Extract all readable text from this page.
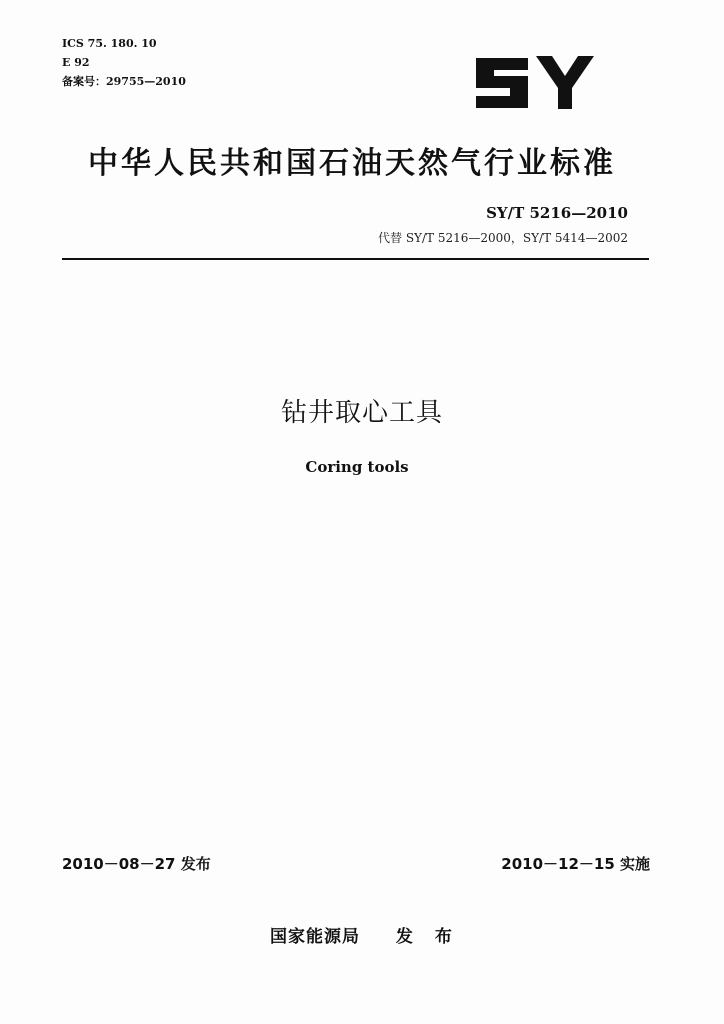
ICS 75. 180. 10
E 92
备案号：29755—2010
中华人民共和国石油天然气行业标准
SY/T 5216—2010
代替 SY/T 5216—2000，SY/T 5414—2002
钻井取心工具
Coring tools
2010－08－27 发布	2010－12－15 实施
国家能源局 发 布
